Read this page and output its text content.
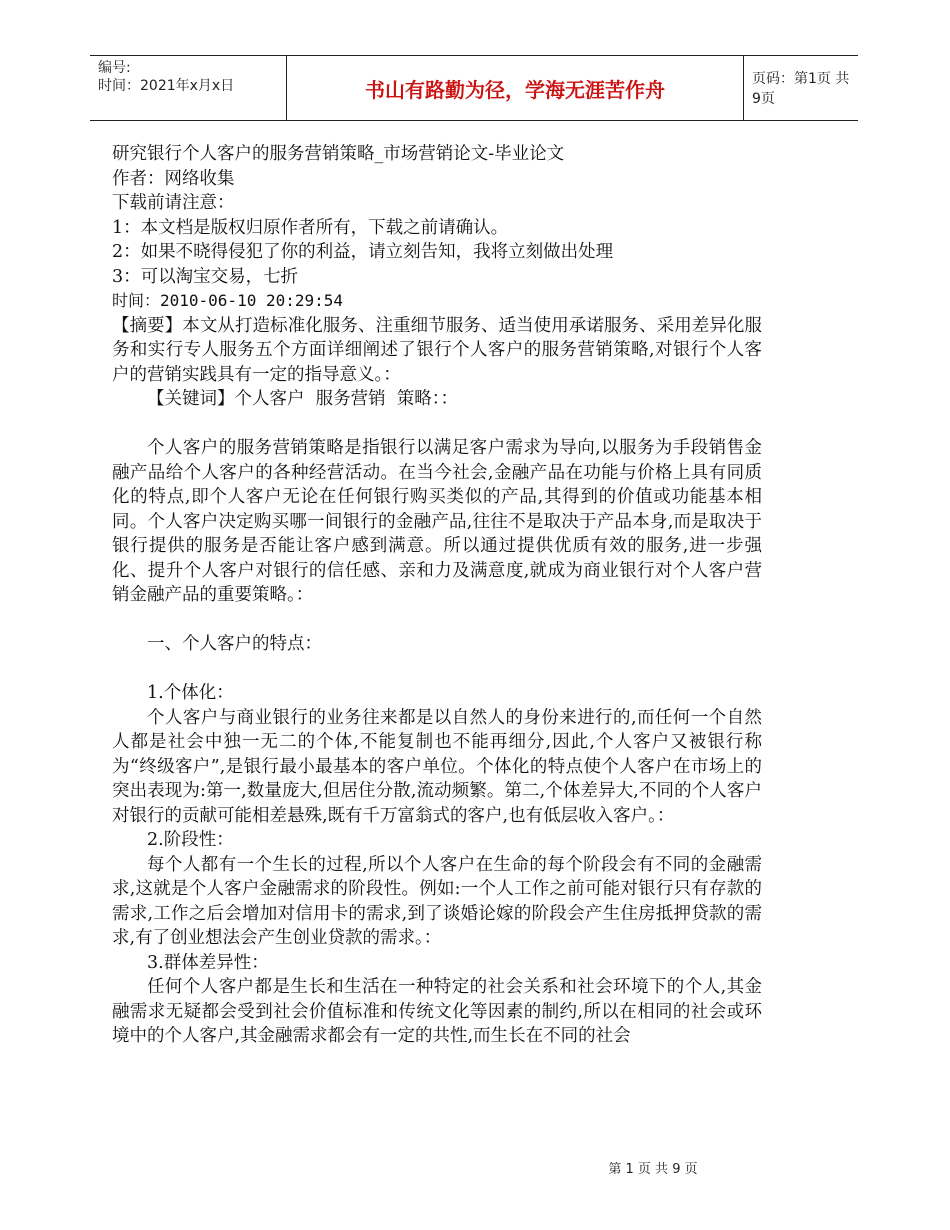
编号:
时间：2021年x月x日	书山有路勤为径，学海无涯苦作舟	页码：第1页 共9页

研究银行个人客户的服务营销策略_市场营销论文-毕业论文

作者：网络收集

下载前请注意：

1：本文档是版权归原作者所有，下载之前请确认。

2：如果不晓得侵犯了你的利益，请立刻告知，我将立刻做出处理

3：可以淘宝交易，七折

时间：2010-06-10 20:29:54

【摘要】本文从打造标准化服务、注重细节服务、适当使用承诺服务、采用差异化服务和实行专人服务五个方面详细阐述了银行个人客户的服务营销策略,对银行个人客户的营销实践具有一定的指导意义。：

【关键词】个人客户  服务营销  策略：：

个人客户的服务营销策略是指银行以满足客户需求为导向,以服务为手段销售金融产品给个人客户的各种经营活动。在当今社会,金融产品在功能与价格上具有同质化的特点,即个人客户无论在任何银行购买类似的产品,其得到的价值或功能基本相同。个人客户决定购买哪一间银行的金融产品,往往不是取决于产品本身,而是取决于银行提供的服务是否能让客户感到满意。所以通过提供优质有效的服务,进一步强化、提升个人客户对银行的信任感、亲和力及满意度,就成为商业银行对个人客户营销金融产品的重要策略。：

一、个人客户的特点：

1.个体化：

个人客户与商业银行的业务往来都是以自然人的身份来进行的,而任何一个自然人都是社会中独一无二的个体,不能复制也不能再细分,因此,个人客户又被银行称为“终级客户”,是银行最小最基本的客户单位。个体化的特点使个人客户在市场上的突出表现为:第一,数量庞大,但居住分散,流动频繁。第二,个体差异大,不同的个人客户对银行的贡献可能相差悬殊,既有千万富翁式的客户,也有低层收入客户。：

2.阶段性：

每个人都有一个生长的过程,所以个人客户在生命的每个阶段会有不同的金融需求,这就是个人客户金融需求的阶段性。例如:一个人工作之前可能对银行只有存款的需求,工作之后会增加对信用卡的需求,到了谈婚论嫁的阶段会产生住房抵押贷款的需求,有了创业想法会产生创业贷款的需求。：

3.群体差异性：

任何个人客户都是生长和生活在一种特定的社会关系和社会环境下的个人,其金融需求无疑都会受到社会价值标准和传统文化等因素的制约,所以在相同的社会或环境中的个人客户,其金融需求都会有一定的共性,而生长在不同的社会

第 1 页 共 9 页
